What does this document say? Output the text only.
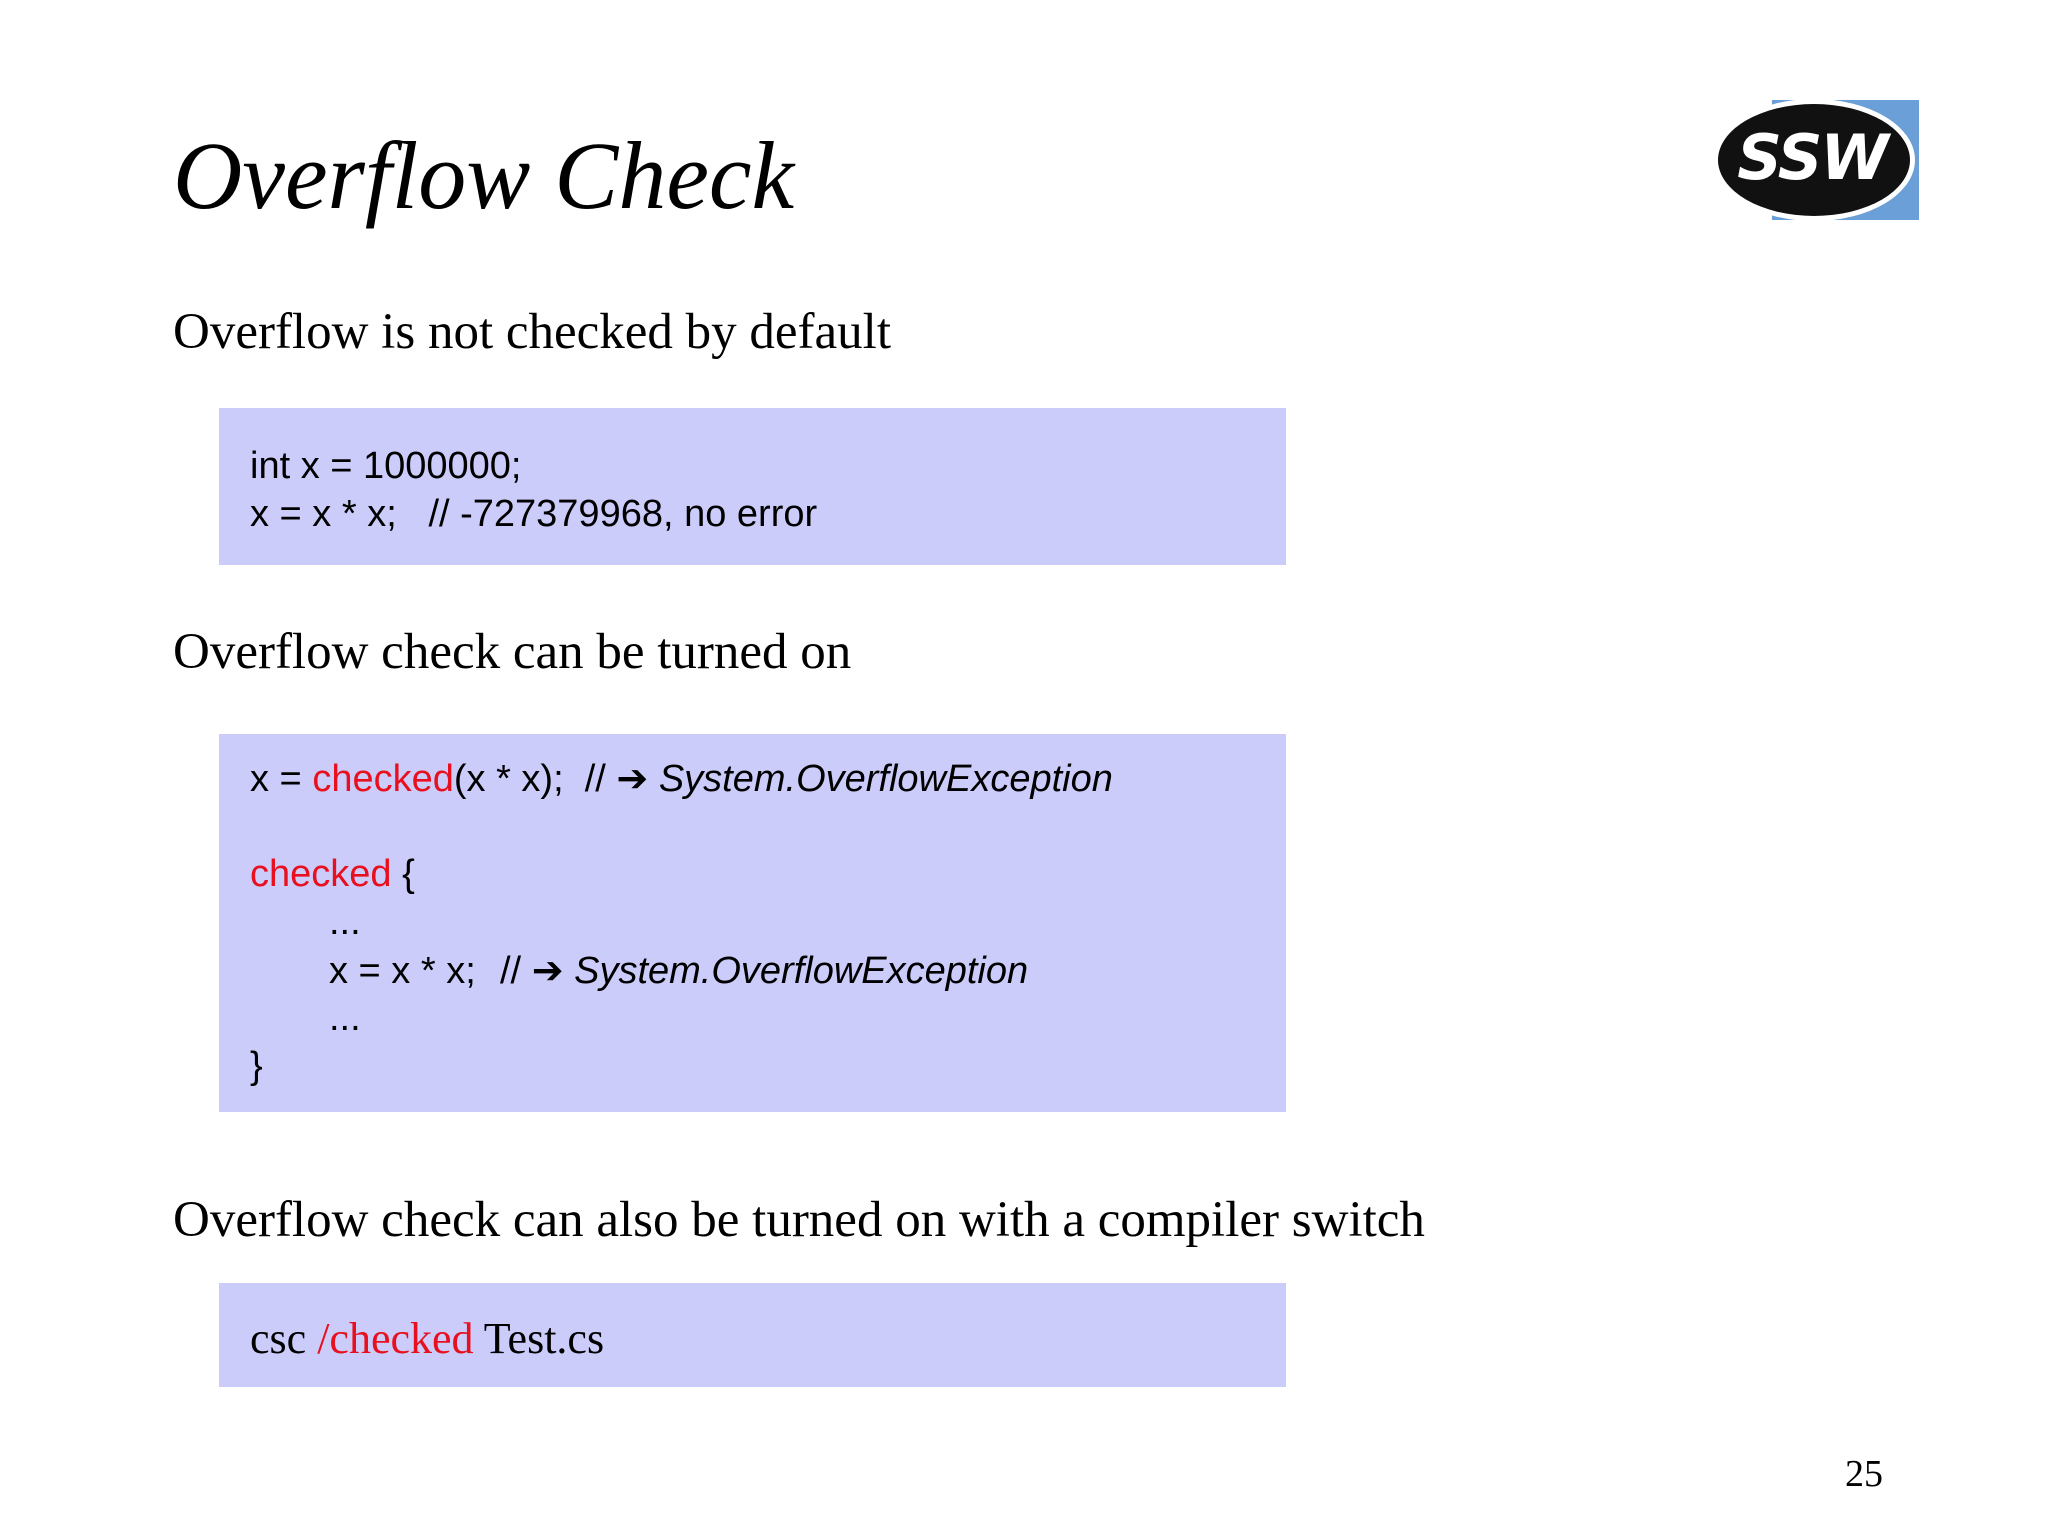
Overflow Check	SSW
Overflow is not checked by default
int x = 1000000;
x = x * x;   // -727379968, no error
Overflow check can be turned on
x = checked(x * x);  // ➔ System.OverflowException
checked {
...
x = x * x; // ➔ System.OverflowException
...
}
Overflow check can also be turned on with a compiler switch
csc /checked Test.cs
25
